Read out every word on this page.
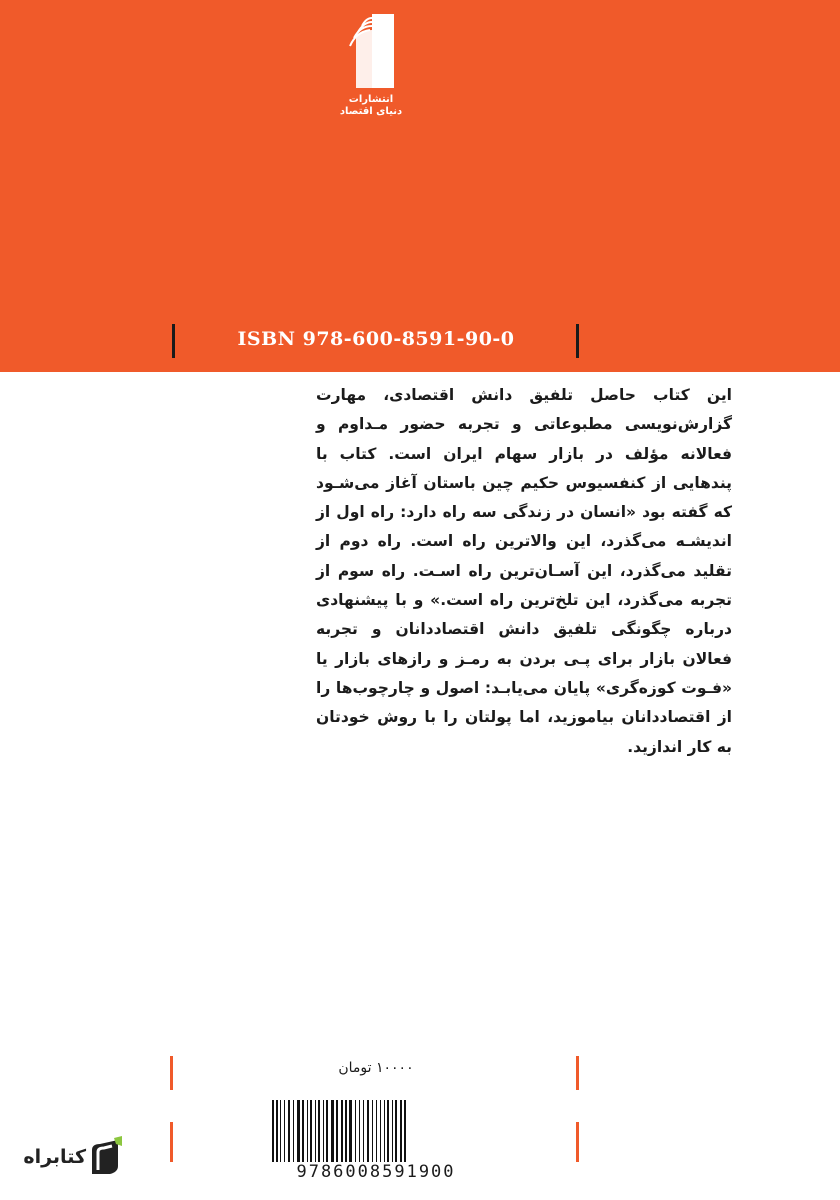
انتشارات
دنیای اقتصاد
ISBN 978-600-8591-90-0

این کتاب حاصل تلفیق دانش اقتصادی، مهارت گزارش‌نویسی مطبوعاتی و تجربه حضور مـداوم و فعالانه مؤلف در بازار سهام ایران است. کتاب با پندهایی از کنفسیوس حکیم چین باستان آغاز می‌شـود که گفته بود «انسان در زندگی سه راه دارد: راه اول از اندیشـه می‌گذرد، این والاترین راه است. راه دوم از تقلید می‌گذرد، این آسـان‌ترین راه اسـت. راه سوم از تجربه می‌گذرد، این تلخ‌ترین راه است.» و با پیشنهادی درباره چگونگی تلفیق دانش اقتصاددانان و تجربه فعالان بازار برای پـی بردن به رمـز و رازهای بازار یا «فـوت کوزه‌گری» پایان می‌یابـد: اصول و چارچوب‌ها را از اقتصاددانان بیاموزید، اما پولتان را با روش خودتان به کار اندازید.

۱۰۰۰۰ تومان
9786008591900
کتابراه
